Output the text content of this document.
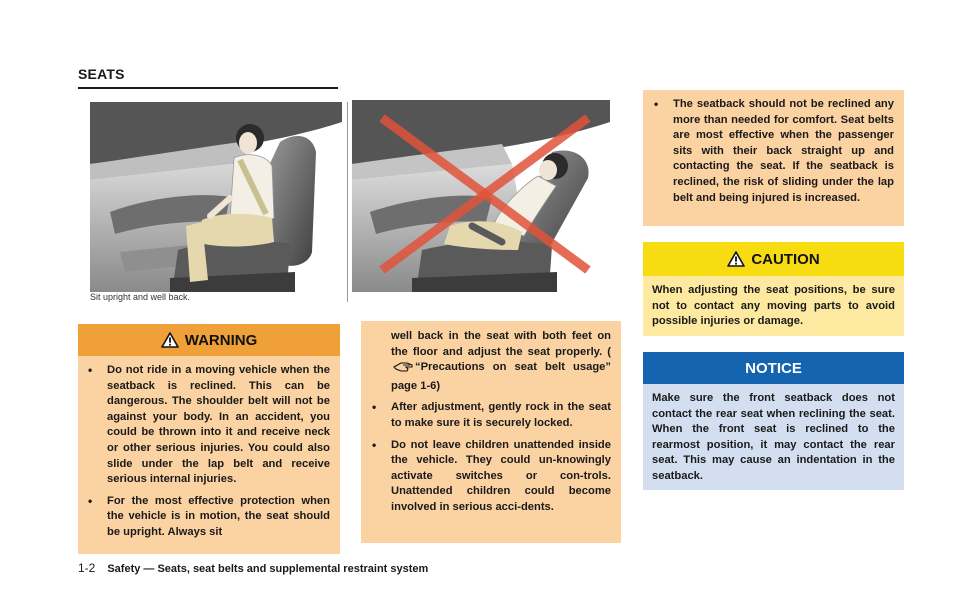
SEATS
Sit upright and well back.
WARNING
• Do not ride in a moving vehicle when the seatback is reclined. This can be dangerous. The shoulder belt will not be against your body. In an accident, you could be thrown into it and receive neck or other serious injuries. You could also slide under the lap belt and receive serious internal injuries.
• For the most effective protection when the vehicle is in motion, the seat should be upright. Always sit
well back in the seat with both feet on the floor and adjust the seat properly. (“Precautions on seat belt usage” page 1-6)
• After adjustment, gently rock in the seat to make sure it is securely locked.
• Do not leave children unattended inside the vehicle. They could un-knowingly activate switches or con-trols. Unattended children could become involved in serious acci-dents.
• The seatback should not be reclined any more than needed for comfort. Seat belts are most effective when the passenger sits with their back straight up and contacting the seat. If the seatback is reclined, the risk of sliding under the lap belt and being injured is increased.
CAUTION
When adjusting the seat positions, be sure not to contact any moving parts to avoid possible injuries or damage.
NOTICE
Make sure the front seatback does not contact the rear seat when reclining the seat. When the front seat is reclined to the rearmost position, it may contact the rear seat. This may cause an indentation in the seatback.
1-2 Safety — Seats, seat belts and supplemental restraint system
